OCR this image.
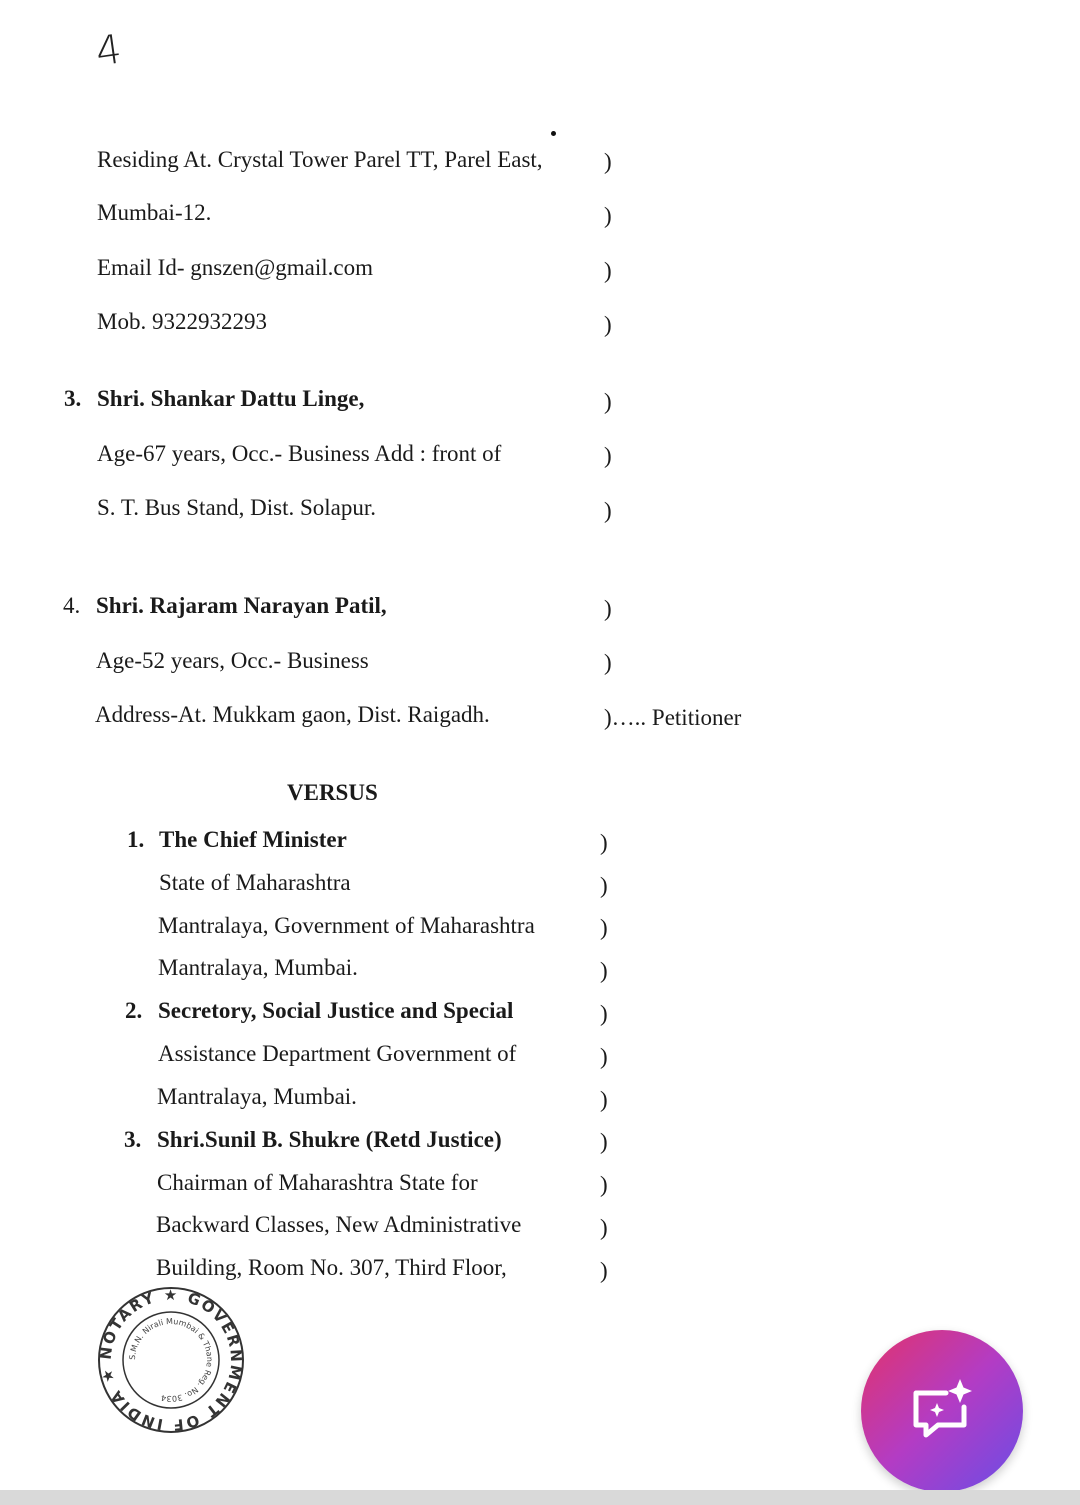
4
Residing At. Crystal Tower Parel TT, Parel East,
Mumbai-12.
Email Id- gnszen@gmail.com
Mob. 9322932293
3. Shri. Shankar Dattu Linge,
Age-67 years, Occ.- Business Add : front of
S. T. Bus Stand, Dist. Solapur.
4. Shri. Rajaram Narayan Patil,
Age-52 years, Occ.- Business
Address-At. Mukkam gaon, Dist. Raigadh.
)
)
)
)
)
)
)
)
)
)….. Petitioner
VERSUS
1. The Chief Minister
State of Maharashtra
Mantralaya, Government of Maharashtra
Mantralaya, Mumbai.
2. Secretory, Social Justice and Special
Assistance Department Government of
Mantralaya, Mumbai.
3. Shri.Sunil B. Shukre (Retd Justice)
Chairman of Maharashtra State for
Backward Classes, New Administrative
Building, Room No. 307, Third Floor,
)
)
)
)
)
)
)
)
)
)
)
NOTARY ★ GOVERNMENT OF INDIA ★
S.M.N. Nirali Mumbai & Thane Reg. No. 3034
